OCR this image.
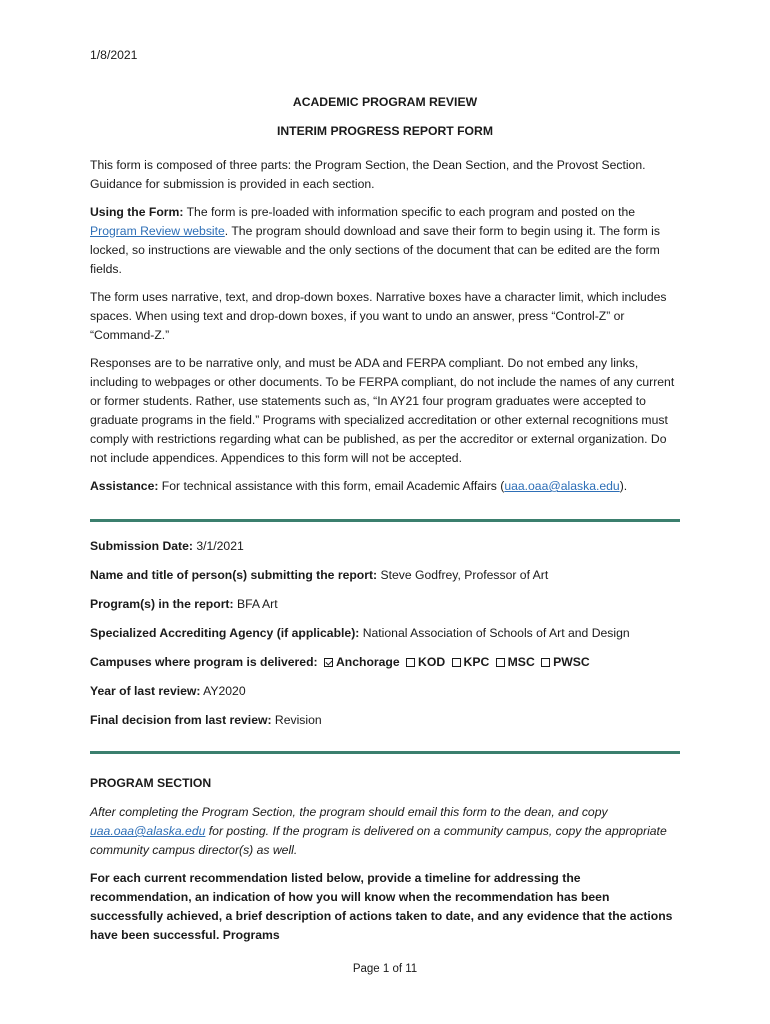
1/8/2021
ACADEMIC PROGRAM REVIEW
INTERIM PROGRESS REPORT FORM

This form is composed of three parts: the Program Section, the Dean Section, and the Provost Section. Guidance for submission is provided in each section.

Using the Form: The form is pre-loaded with information specific to each program and posted on the Program Review website. The program should download and save their form to begin using it. The form is locked, so instructions are viewable and the only sections of the document that can be edited are the form fields.

The form uses narrative, text, and drop-down boxes. Narrative boxes have a character limit, which includes spaces. When using text and drop-down boxes, if you want to undo an answer, press “Control-Z” or “Command-Z.”

Responses are to be narrative only, and must be ADA and FERPA compliant. Do not embed any links, including to webpages or other documents. To be FERPA compliant, do not include the names of any current or former students. Rather, use statements such as, “In AY21 four program graduates were accepted to graduate programs in the field.” Programs with specialized accreditation or other external recognitions must comply with restrictions regarding what can be published, as per the accreditor or external organization. Do not include appendices. Appendices to this form will not be accepted.

Assistance: For technical assistance with this form, email Academic Affairs (uaa.oaa@alaska.edu).

Submission Date: 3/1/2021
Name and title of person(s) submitting the report: Steve Godfrey, Professor of Art
Program(s) in the report: BFA Art
Specialized Accrediting Agency (if applicable): National Association of Schools of Art and Design
Campuses where program is delivered: Anchorage KOD KPC MSC PWSC
Year of last review: AY2020
Final decision from last review: Revision

PROGRAM SECTION

After completing the Program Section, the program should email this form to the dean, and copy uaa.oaa@alaska.edu for posting. If the program is delivered on a community campus, copy the appropriate community campus director(s) as well.

For each current recommendation listed below, provide a timeline for addressing the recommendation, an indication of how you will know when the recommendation has been successfully achieved, a brief description of actions taken to date, and any evidence that the actions have been successful. Programs

Page 1 of 11
